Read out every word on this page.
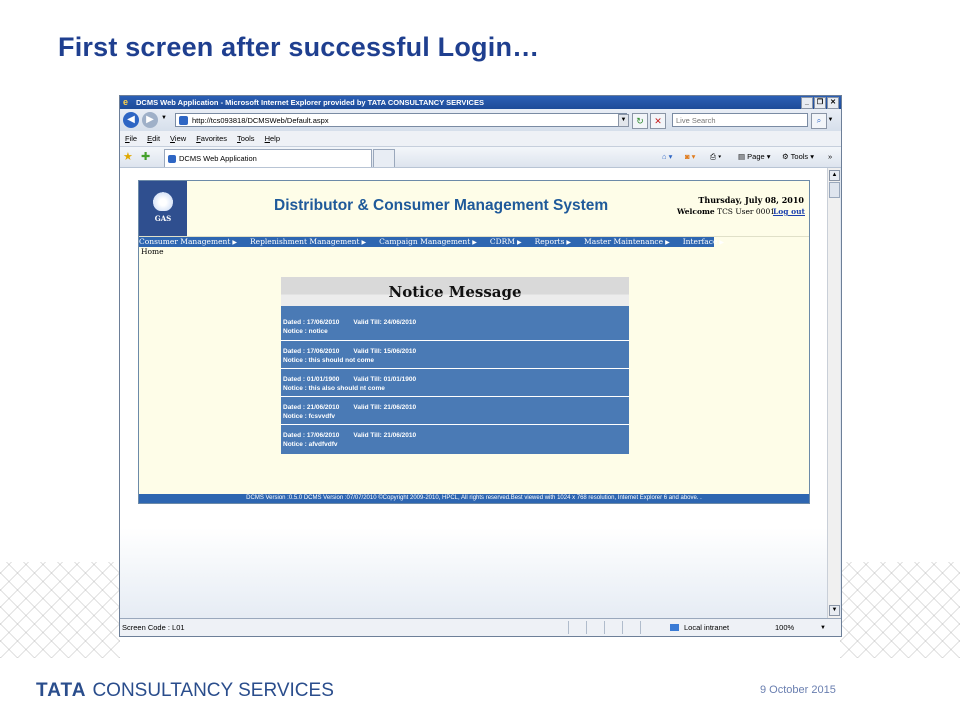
First screen after successful Login…
e	DCMS Web Application - Microsoft Internet Explorer provided by TATA CONSULTANCY SERVICES	_	❐ ✕
◀	▶	▼	http://tcs093818/DCMSWeb/Default.aspx	▼	↻	✕	Live Search	⌕	▼
File Edit View Favorites Tools Help
★ ✚	DCMS Web Application	⌂ ▾ ◙ ▾ ⎙ ▾ ▤ Page ▾ ⚙ Tools ▾ »
GAS
Distributor & Consumer Management System	Thursday, July 08, 2010
Welcome TCS User 0001
Log out
Consumer Management ▶ Replenishment Management ▶ Campaign Management ▶ CDRM ▶ Reports ▶ Master Maintenance ▶ Interface ▶
Home
Notice Message
Dated : 17/06/2010 Valid Till: 24/06/2010
Notice : notice
Dated : 17/06/2010 Valid Till: 15/06/2010
Notice : this should not come
Dated : 01/01/1900 Valid Till: 01/01/1900
Notice : this also should nt come
Dated : 21/06/2010 Valid Till: 21/06/2010
Notice : fcsvvdfv
Dated : 17/06/2010 Valid Till: 21/06/2010
Notice : afvdfvdfv
DCMS Version :0.5.0 DCMS Version :07/07/2010 ©Copyright 2009-2010, HPCL, All rights reserved.Best viewed with 1024 x 768 resolution, Internet Explorer 6 and above. .
▲
▼
Screen Code : L01	Local intranet	100%	▼
TATA CONSULTANCY SERVICES	9 October 2015
